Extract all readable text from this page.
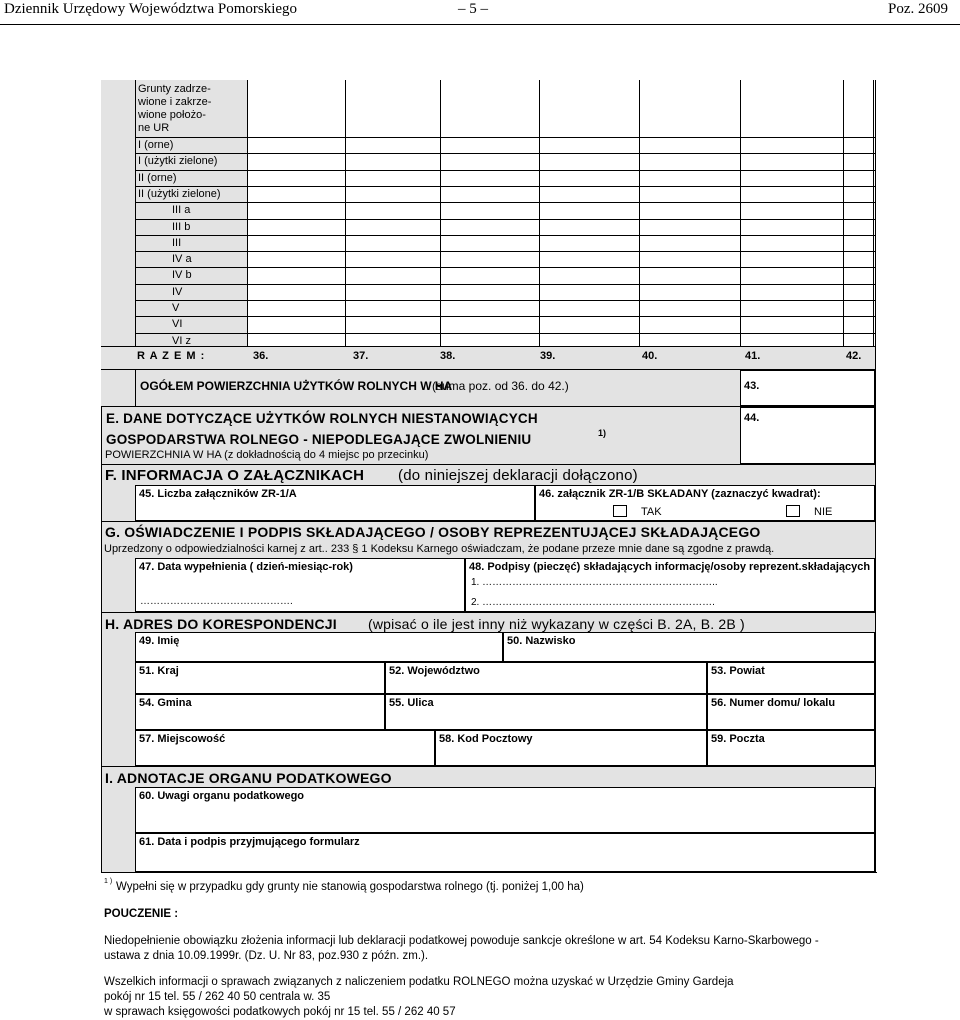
Dziennik Urzędowy Województwa Pomorskiego	– 5 –	Poz. 2609
Grunty zadrze-
wione i zakrze-
wione położo-
ne UR
I (orne)
I (użytki zielone)
II (orne)
II (użytki zielone)
III a
III b
III
IV a
IV b
IV
V
VI
VI z
R A Z E M :	36.	37.	38.	39.	40.	41.	42.
OGÓŁEM POWIERZCHNIA UŻYTKÓW ROLNYCH W HA
(suma poz. od 36. do 42.)	43.
E. DANE DOTYCZĄCE UŻYTKÓW ROLNYCH NIESTANOWIĄCYCH
GOSPODARSTWA ROLNEGO - NIEPODLEGAJĄCE ZWOLNIENIU	1)
POWIERZCHNIA W HA (z dokładnością do 4 miejsc po przecinku)
44.
F. INFORMACJA O ZAŁĄCZNIKACH (do niniejszej deklaracji dołączono)
45. Liczba załączników ZR-1/A	46. załącznik ZR-1/B SKŁADANY (zaznaczyć kwadrat):
TAK	NIE
G. OŚWIADCZENIE I PODPIS SKŁADAJĄCEGO / OSOBY REPREZENTUJĄCEJ SKŁADAJĄCEGO
Uprzedzony o odpowiedzialności karnej z art.. 233 § 1 Kodeksu Karnego oświadczam, że podane przeze mnie dane są zgodne z prawdą.
47. Data wypełnienia ( dzień-miesiąc-rok)
……………………………………….
48. Podpisy (pieczęć) składających informację/osoby reprezent.składających
1. ……………………………………………………………..
2. …………………………………………………………….
H. ADRES DO KORESPONDENCJI (wpisać o ile jest inny niż wykazany w części B. 2A, B. 2B )
49. Imię	50. Nazwisko
51. Kraj	52. Województwo	53. Powiat
54. Gmina	55. Ulica	56. Numer domu/ lokalu
57. Miejscowość	58. Kod Pocztowy	59. Poczta
I. ADNOTACJE ORGANU PODATKOWEGO
60. Uwagi organu podatkowego
61. Data i podpis przyjmującego formularz
1 ) Wypełni się w przypadku gdy grunty nie stanowią gospodarstwa rolnego (tj. poniżej 1,00 ha)
POUCZENIE :
Niedopełnienie obowiązku złożenia informacji lub deklaracji podatkowej powoduje sankcje określone w art. 54 Kodeksu Karno-Skarbowego -
ustawa z dnia 10.09.1999r. (Dz. U. Nr 83, poz.930 z późn. zm.).
Wszelkich informacji o sprawach związanych z naliczeniem podatku ROLNEGO można uzyskać w Urzędzie Gminy Gardeja
pokój nr 15 tel. 55 / 262 40 50 centrala w. 35
w sprawach księgowości podatkowych pokój nr 15 tel. 55 / 262 40 57
